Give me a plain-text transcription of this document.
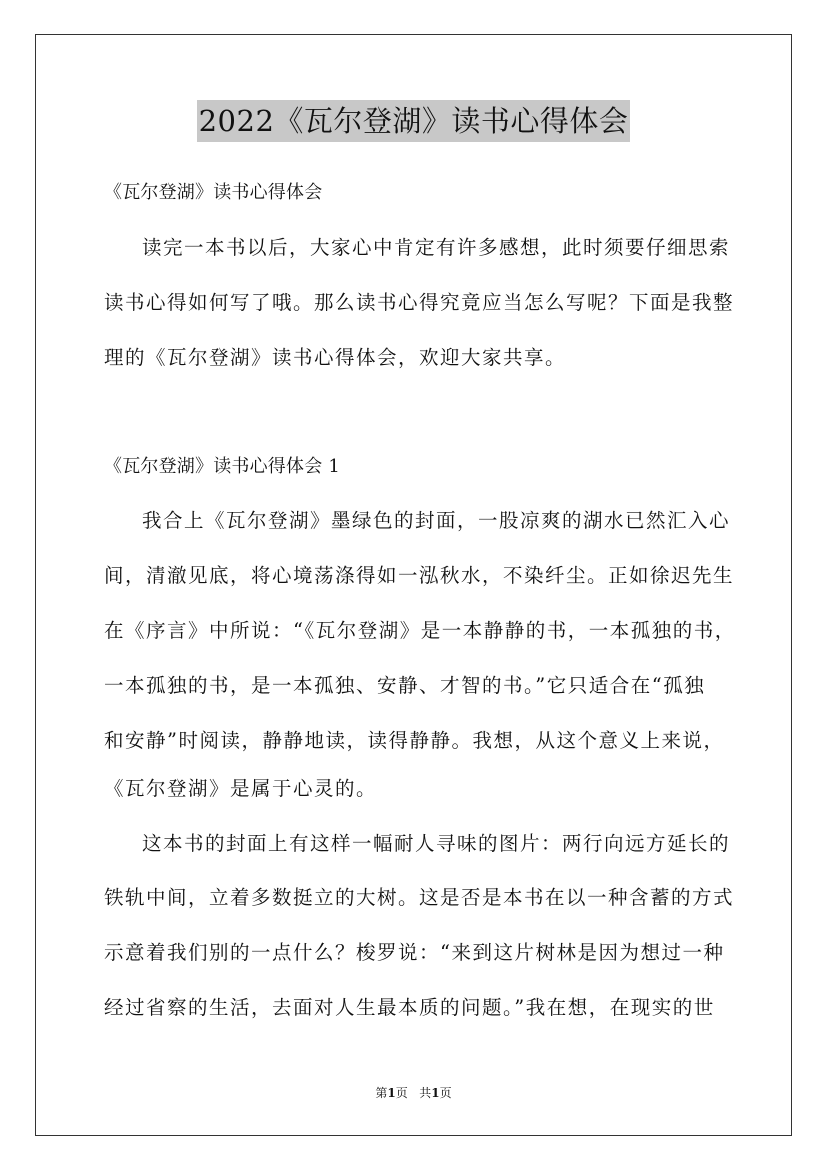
2022《瓦尔登湖》读书心得体会
《瓦尔登湖》读书心得体会
读完一本书以后，大家心中肯定有许多感想，此时须要仔细思索
读书心得如何写了哦。那么读书心得究竟应当怎么写呢？下面是我整
理的《瓦尔登湖》读书心得体会，欢迎大家共享。
《瓦尔登湖》读书心得体会 1
我合上《瓦尔登湖》墨绿色的封面，一股凉爽的湖水已然汇入心
间，清澈见底，将心境荡涤得如一泓秋水，不染纤尘。正如徐迟先生
在《序言》中所说：“《瓦尔登湖》是一本静静的书，一本孤独的书，
一本孤独的书，是一本孤独、安静、才智的书。”它只适合在“孤独
和安静”时阅读，静静地读，读得静静。我想，从这个意义上来说，
《瓦尔登湖》是属于心灵的。
这本书的封面上有这样一幅耐人寻味的图片：两行向远方延长的
铁轨中间，立着多数挺立的大树。这是否是本书在以一种含蓄的方式
示意着我们别的一点什么？梭罗说：“来到这片树林是因为想过一种
经过省察的生活，去面对人生最本质的问题。”我在想，在现实的世
第1页 共1页
